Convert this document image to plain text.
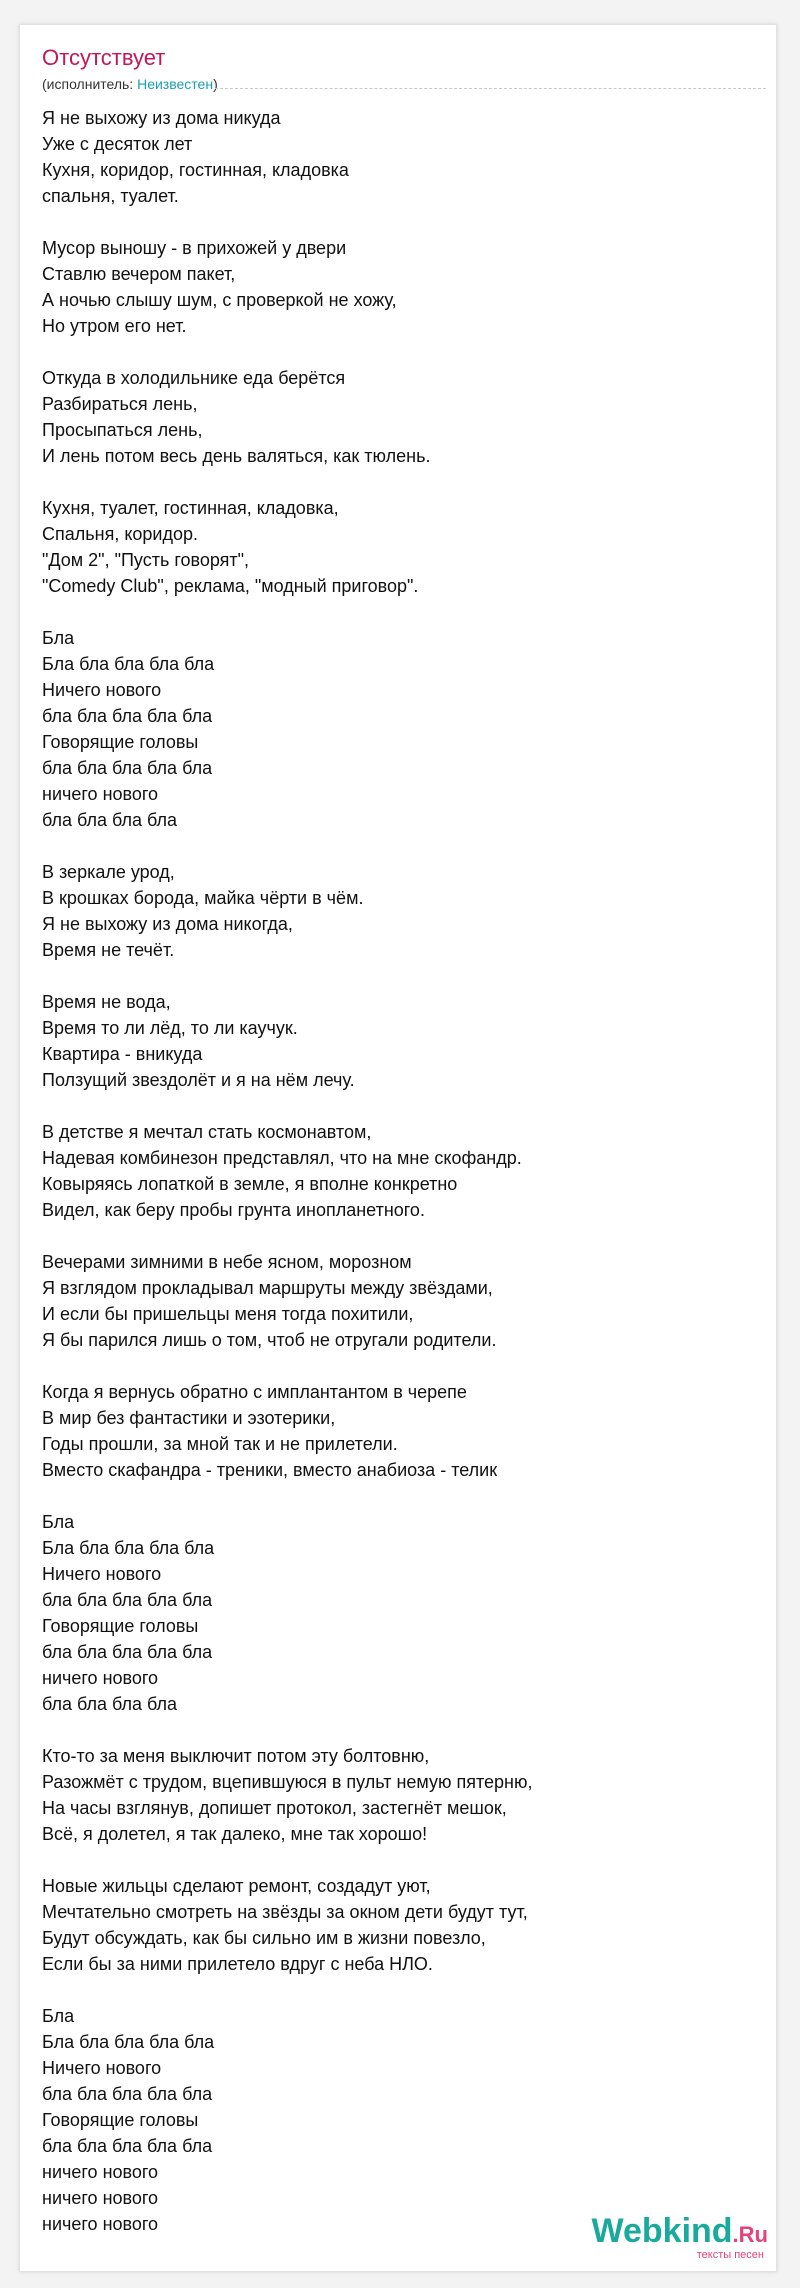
Отсутствует
(исполнитель: Неизвестен)
Я не выхожу из дома никуда
Уже с десяток лет
Кухня, коридор, гостинная, кладовка
спальня, туалет.
Мусор выношу - в прихожей у двери
Ставлю вечером пакет,
А ночью слышу шум, с проверкой не хожу,
Но утром его нет.
Откуда в холодильнике еда берётся
Разбираться лень,
Просыпаться лень,
И лень потом весь день валяться, как тюлень.
Кухня, туалет, гостинная, кладовка,
Спальня, коридор.
"Дом 2", "Пусть говорят",
"Comedy Club", реклама, "модный приговор".
Бла
Бла бла бла бла бла
Ничего нового
бла бла бла бла бла
Говорящие головы
бла бла бла бла бла
ничего нового
бла бла бла бла
В зеркале урод,
В крошках борода, майка чёрти в чём.
Я не выхожу из дома никогда,
Время не течёт.
Время не вода,
Время то ли лёд, то ли каучук.
Квартира - вникуда
Ползущий звездолёт и я на нём лечу.
В детстве я мечтал стать космонавтом,
Надевая комбинезон представлял, что на мне скофандр.
Ковыряясь лопаткой в земле, я вполне конкретно
Видел, как беру пробы грунта инопланетного.
Вечерами зимними в небе ясном, морозном
Я взглядом прокладывал маршруты между звёздами,
И если бы пришельцы меня тогда похитили,
Я бы парился лишь о том, чтоб не отругали родители.
Когда я вернусь обратно с имплантантом в черепе
В мир без фантастики и эзотерики,
Годы прошли, за мной так и не прилетели.
Вместо скафандра - треники, вместо анабиоза - телик
Бла
Бла бла бла бла бла
Ничего нового
бла бла бла бла бла
Говорящие головы
бла бла бла бла бла
ничего нового
бла бла бла бла
Кто-то за меня выключит потом эту болтовню,
Разожмёт с трудом, вцепившуюся в пульт немую пятерню,
На часы взглянув, допишет протокол, застегнёт мешок,
Всё, я долетел, я так далеко, мне так хорошо!
Новые жильцы сделают ремонт, создадут уют,
Мечтательно смотреть на звёзды за окном дети будут тут,
Будут обсуждать, как бы сильно им в жизни повезло,
Если бы за ними прилетело вдруг с неба НЛО.
Бла
Бла бла бла бла бла
Ничего нового
бла бла бла бла бла
Говорящие головы
бла бла бла бла бла
ничего нового
ничего нового
ничего нового	Webkind.Ru
тексты песен
